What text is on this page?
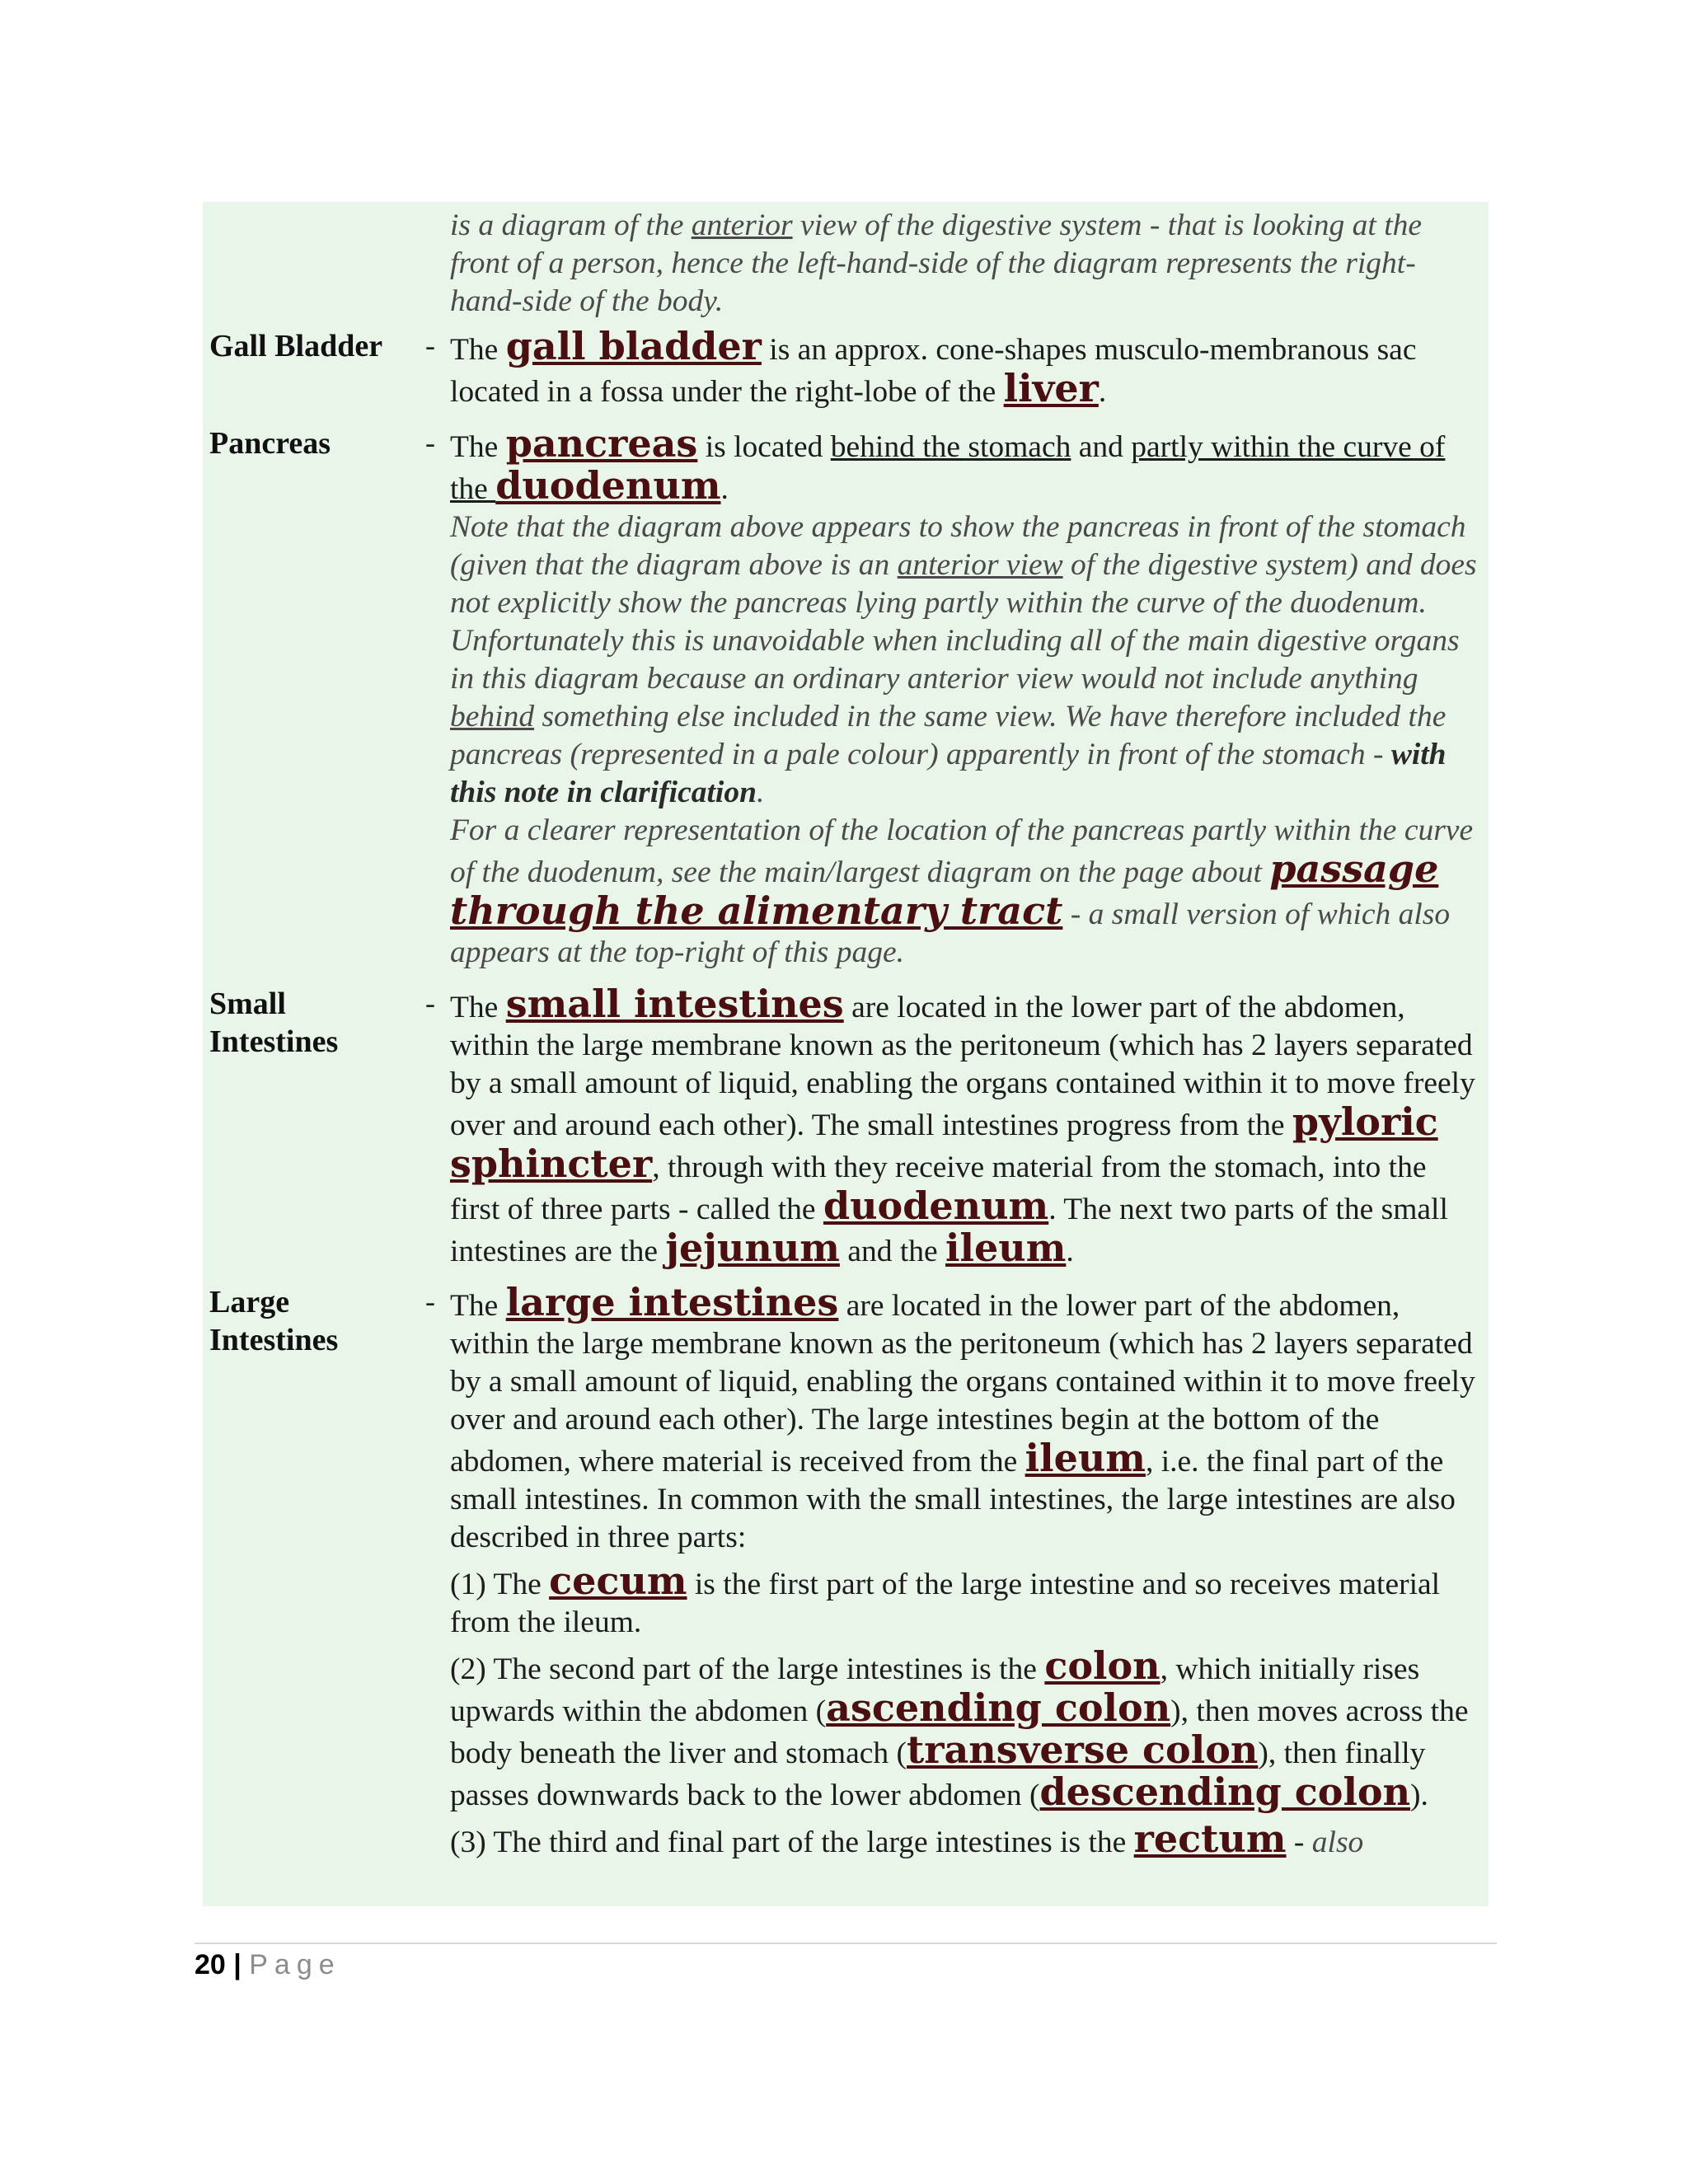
is a diagram of the anterior view of the digestive system - that is looking at the front of a person, hence the left-hand-side of the diagram represents the right-hand-side of the body.
Gall Bladder - The gall bladder is an approx. cone-shapes musculo-membranous sac located in a fossa under the right-lobe of the liver.
Pancreas	- The pancreas is located behind the stomach and partly within the curve of the duodenum.
Note that the diagram above appears to show the pancreas in front of the stomach (given that the diagram above is an anterior view of the digestive system) and does not explicitly show the pancreas lying partly within the curve of the duodenum. Unfortunately this is unavoidable when including all of the main digestive organs in this diagram because an ordinary anterior view would not include anything behind something else included in the same view. We have therefore included the pancreas (represented in a pale colour) apparently in front of the stomach - with this note in clarification.
For a clearer representation of the location of the pancreas partly within the curve of the duodenum, see the main/largest diagram on the page about passage through the alimentary tract - a small version of which also appears at the top-right of this page.
Small Intestines
- The small intestines are located in the lower part of the abdomen, within the large membrane known as the peritoneum (which has 2 layers separated by a small amount of liquid, enabling the organs contained within it to move freely over and around each other). The small intestines progress from the pyloric sphincter, through with they receive material from the stomach, into the first of three parts - called the duodenum. The next two parts of the small intestines are the jejunum and the ileum.
Large Intestines
- The large intestines are located in the lower part of the abdomen, within the large membrane known as the peritoneum (which has 2 layers separated by a small amount of liquid, enabling the organs contained within it to move freely over and around each other). The large intestines begin at the bottom of the abdomen, where material is received from the ileum, i.e. the final part of the small intestines. In common with the small intestines, the large intestines are also described in three parts:
(1) The cecum is the first part of the large intestine and so receives material from the ileum.
(2) The second part of the large intestines is the colon, which initially rises upwards within the abdomen (ascending colon), then moves across the body beneath the liver and stomach (transverse colon), then finally passes downwards back to the lower abdomen (descending colon).
(3) The third and final part of the large intestines is the rectum - also
20 | Page
